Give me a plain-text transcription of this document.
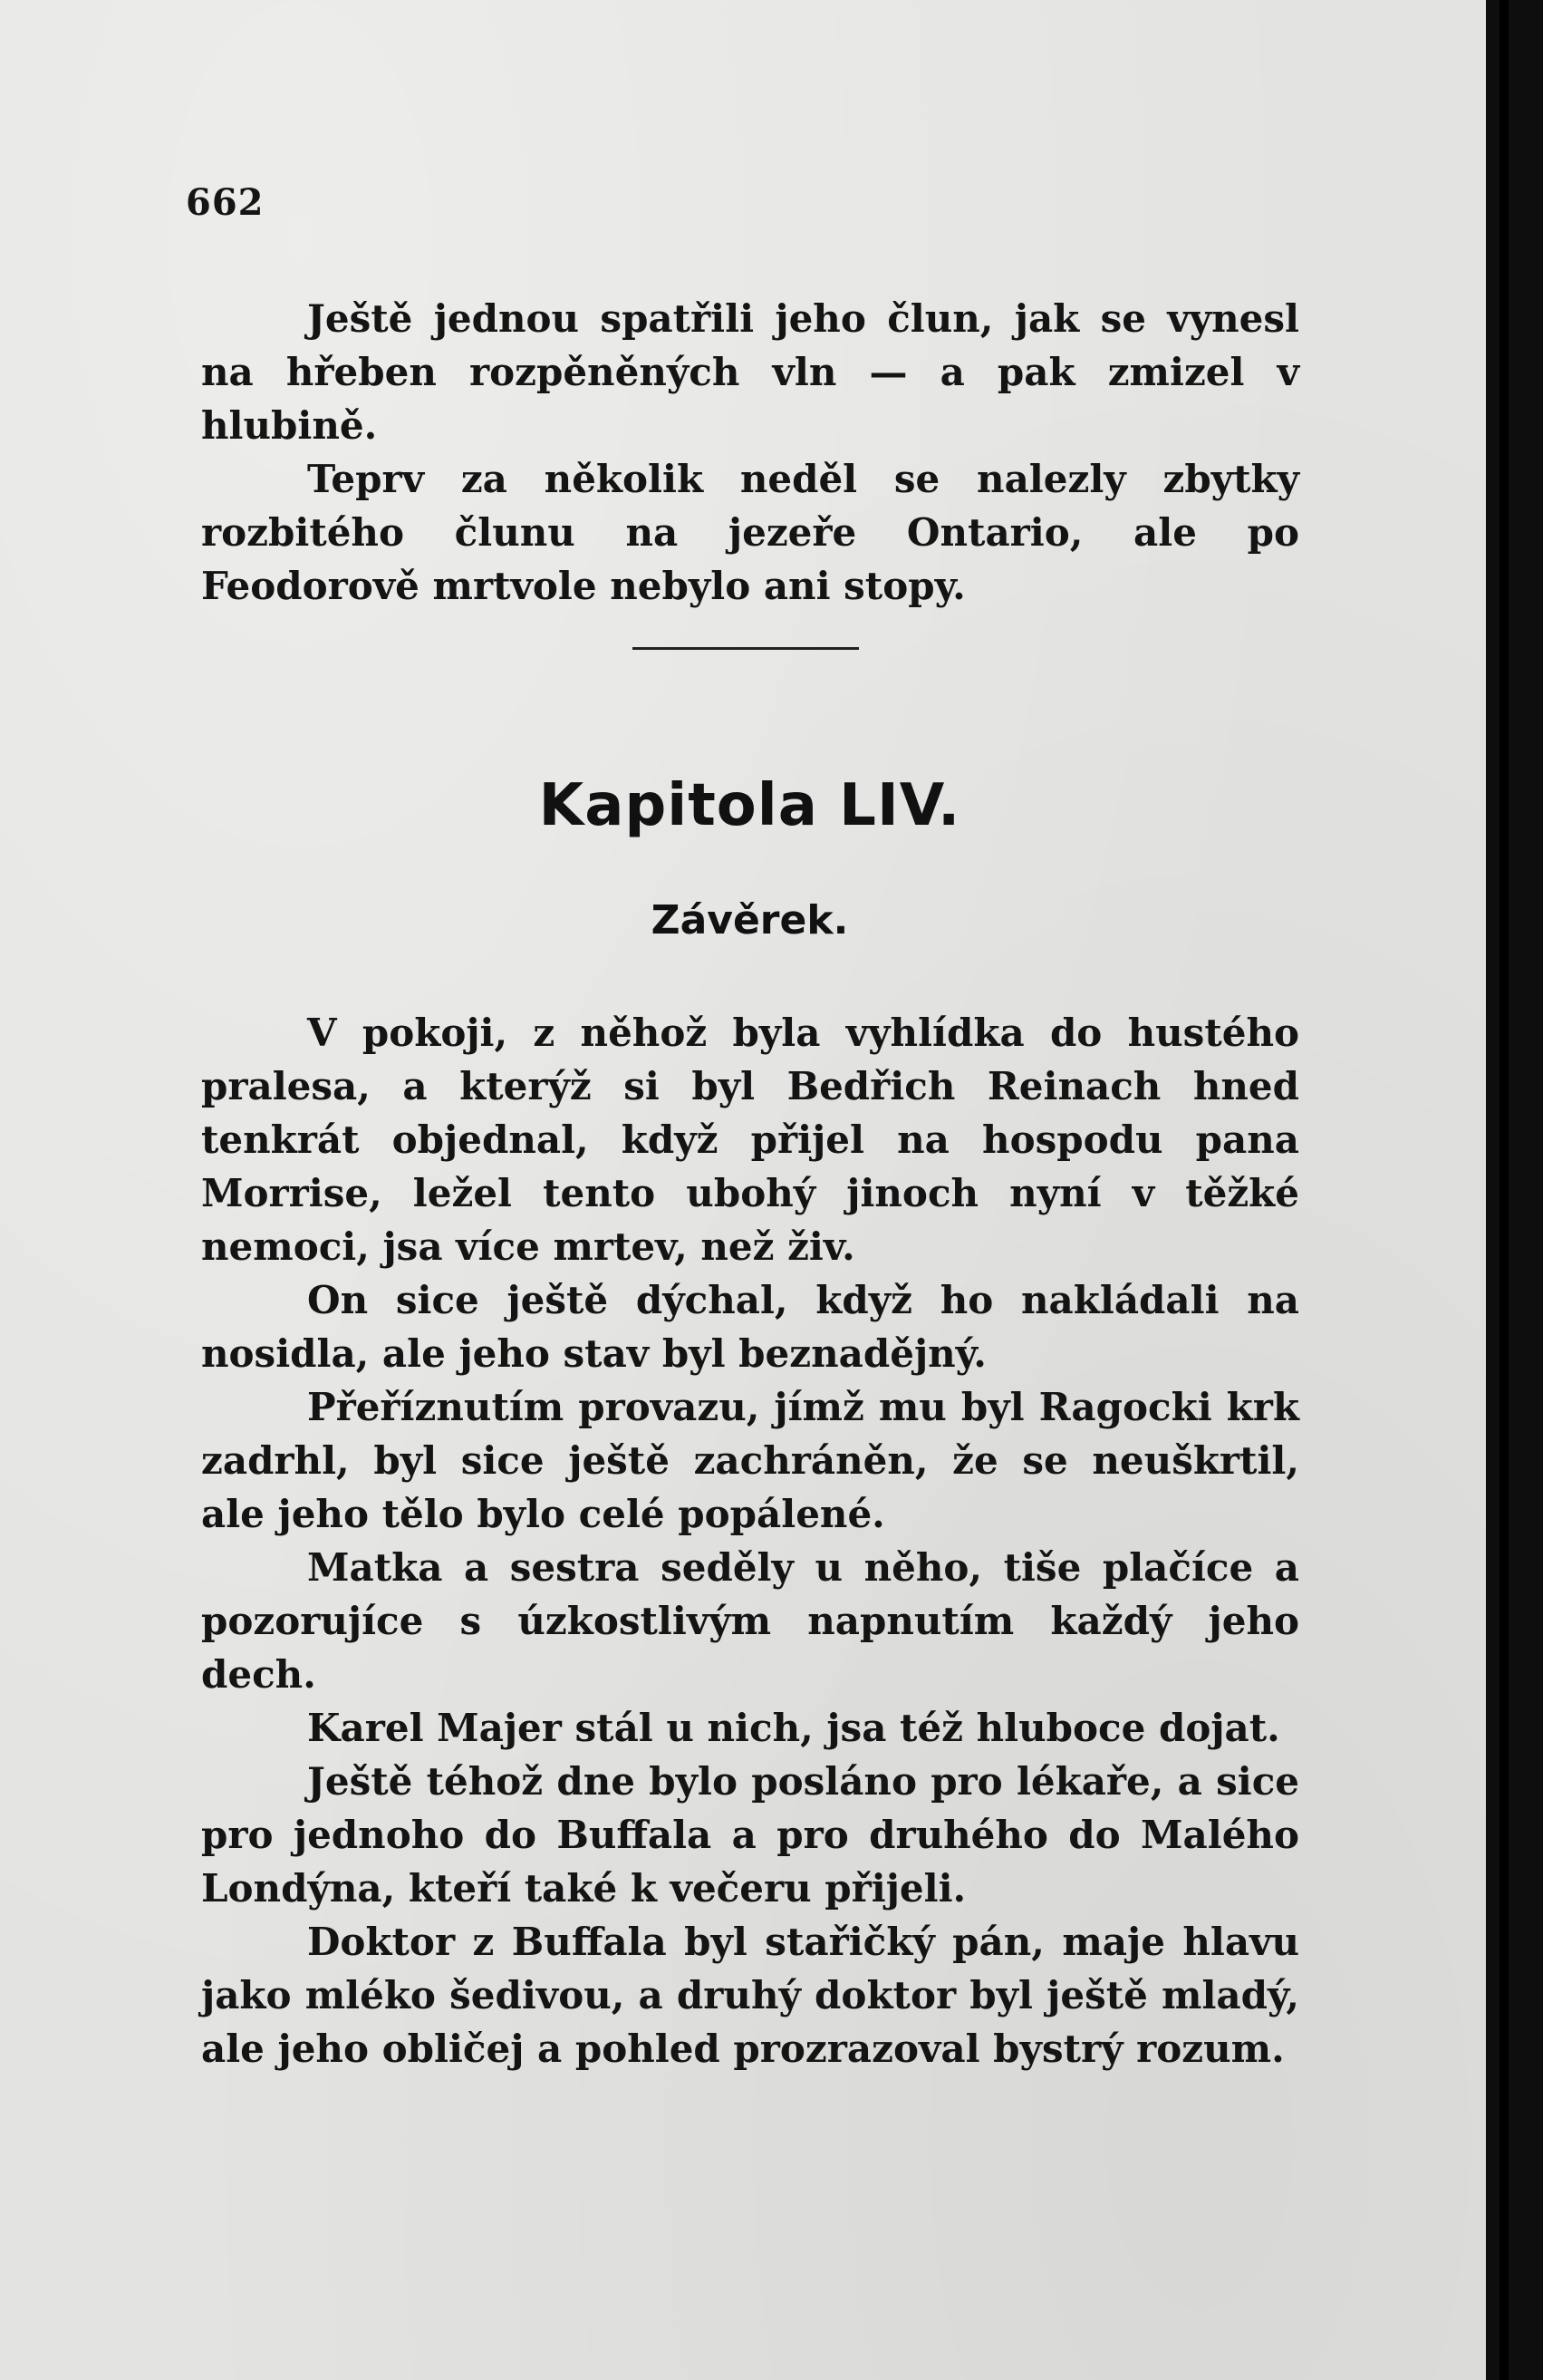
662

Ještě jednou spatřili jeho člun, jak se vynesl na hřeben rozpěněných vln — a pak zmizel v hlubině.

Teprv za několik neděl se nalezly zbytky rozbitého člunu na jezeře Ontario, ale po Feodorově mrtvole nebylo ani stopy.

Kapitola LIV.
Závěrek.

V pokoji, z něhož byla vyhlídka do hustého pralesa, a kterýž si byl Bedřich Reinach hned tenkrát objednal, když přijel na hospodu pana Morrise, ležel tento ubohý jinoch nyní v těžké nemoci, jsa více mrtev, než živ.

On sice ještě dýchal, když ho nakládali na nosidla, ale jeho stav byl beznadějný.

Přeříznutím provazu, jímž mu byl Ragocki krk zadrhl, byl sice ještě zachráněn, že se neuškrtil, ale jeho tělo bylo celé popálené.

Matka a sestra seděly u něho, tiše plačíce a pozorujíce s úzkostlivým napnutím každý jeho dech.

Karel Majer stál u nich, jsa též hluboce dojat.

Ještě téhož dne bylo posláno pro lékaře, a sice pro jednoho do Buffala a pro druhého do Malého Londýna, kteří také k večeru přijeli.

Doktor z Buffala byl stařičký pán, maje hlavu jako mléko šedivou, a druhý doktor byl ještě mladý, ale jeho obličej a pohled prozrazoval bystrý rozum.
